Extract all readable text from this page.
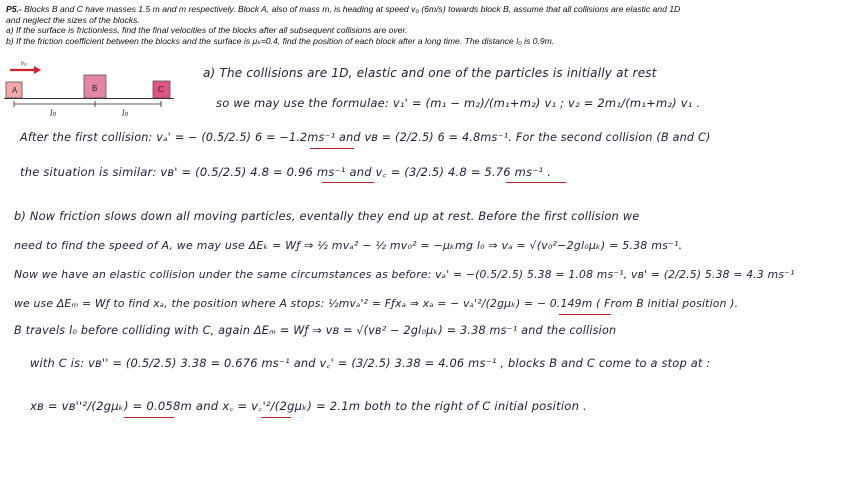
P5.- Blocks B and C have masses 1.5 m and m respectively. Block A, also of mass m, is heading at speed v₀ (6m/s) towards block B, assume that all collisions are elastic and 1D
and neglect the sizes of the blocks.
a) If the surface is frictionless, find the final velocities of the blocks after all subsequent collisions are over.
b) If the friction coefficient between the blocks and the surface is μₖ=0.4, find the position of each block after a long time. The distance l₀ is 0.9m.
v₀
A	B	C
l₀	l₀
a) The collisions are 1D, elastic and one of the particles is initially at rest
so we may use the formulae: v₁' = (m₁ − m₂)/(m₁+m₂) v₁ ; v₂ = 2m₁/(m₁+m₂) v₁ .
After the first collision: vₐ' = − (0.5/2.5) 6 = −1.2ms⁻¹ and vʙ = (2/2.5) 6 = 4.8ms⁻¹. For the second collision (B and C)
the situation is similar: vʙ' = (0.5/2.5) 4.8 = 0.96 ms⁻¹ and v꜀ = (3/2.5) 4.8 = 5.76 ms⁻¹ .
b) Now friction slows down all moving particles, eventally they end up at rest. Before the first collision we
need to find the speed of A, we may use ΔEₖ = Wƒ ⇒ ½ mvₐ² − ½ mv₀² = −μₖmg l₀ ⇒ vₐ = √(v₀²−2gl₀μₖ) = 5.38 ms⁻¹.
Now we have an elastic collision under the same circumstances as before: vₐ' = −(0.5/2.5) 5.38 = 1.08 ms⁻¹, vʙ' = (2/2.5) 5.38 = 4.3 ms⁻¹
we use ΔEₘ = Wƒ to find xₐ, the position where A stops: ½mvₐ'² = Fƒxₐ ⇒ xₐ = − vₐ'²/(2gμₖ) = − 0.149m ( From B initial position ).
B travels l₀ before colliding with C, again ΔEₘ = Wƒ ⇒ vʙ = √(vʙ² − 2gl₀μₖ) = 3.38 ms⁻¹ and the collision
with C is: vʙ'' = (0.5/2.5) 3.38 = 0.676 ms⁻¹ and v꜀' = (3/2.5) 3.38 = 4.06 ms⁻¹ , blocks B and C come to a stop at :
xʙ = vʙ''²/(2gμₖ) = 0.058m and x꜀ = v꜀'²/(2gμₖ) = 2.1m both to the right of C initial position .
